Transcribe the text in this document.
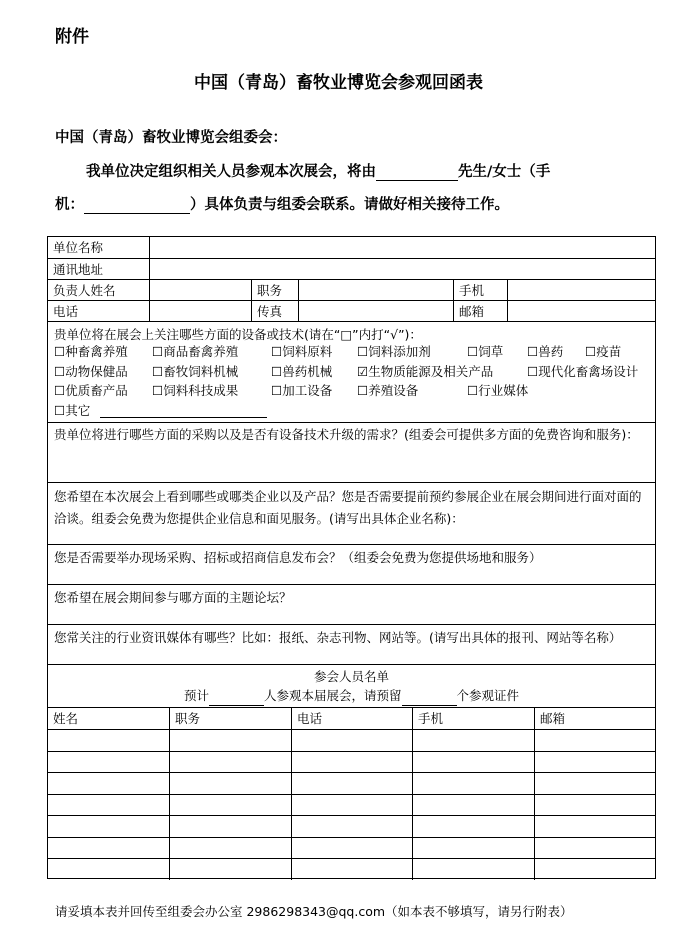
附件
中国（青岛）畜牧业博览会参观回函表
中国（青岛）畜牧业博览会组委会：
我单位决定组织相关人员参观本次展会，将由	先生/女士（手
机：	）具体负责与组委会联系。请做好相关接待工作。
单位名称
通讯地址
负责人姓名	职务	手机
电话	传真	邮箱
贵单位将在展会上关注哪些方面的设备或技术(请在“□”内打“√”)：
☐种畜禽养殖 ☐商品畜禽养殖	☐饲料原料 ☐饲料添加剂	☐饲草 ☐兽药 ☐疫苗
☐动物保健品 ☐畜牧饲料机械	☐兽药机械 ☑生物质能源及相关产品	☐现代化畜禽场设计
☐优质畜产品 ☐饲料科技成果	☐加工设备 ☐养殖设备	☐行业媒体
☐其它
贵单位将进行哪些方面的采购以及是否有设备技术升级的需求？(组委会可提供多方面的免费咨询和服务)：
您希望在本次展会上看到哪些或哪类企业以及产品？您是否需要提前预约参展企业在展会期间进行面对面的洽谈。组委会免费为您提供企业信息和面见服务。(请写出具体企业名称)：
您是否需要举办现场采购、招标或招商信息发布会？（组委会免费为您提供场地和服务）
您希望在展会期间参与哪方面的主题论坛？
您常关注的行业资讯媒体有哪些？比如：报纸、杂志刊物、网站等。(请写出具体的报刊、网站等名称）
参会人员名单
预计	人参观本届展会，请预留	个参观证件
姓名	职务	电话	手机	邮箱
请妥填本表并回传至组委会办公室 2986298343@qq.com（如本表不够填写，请另行附表）
